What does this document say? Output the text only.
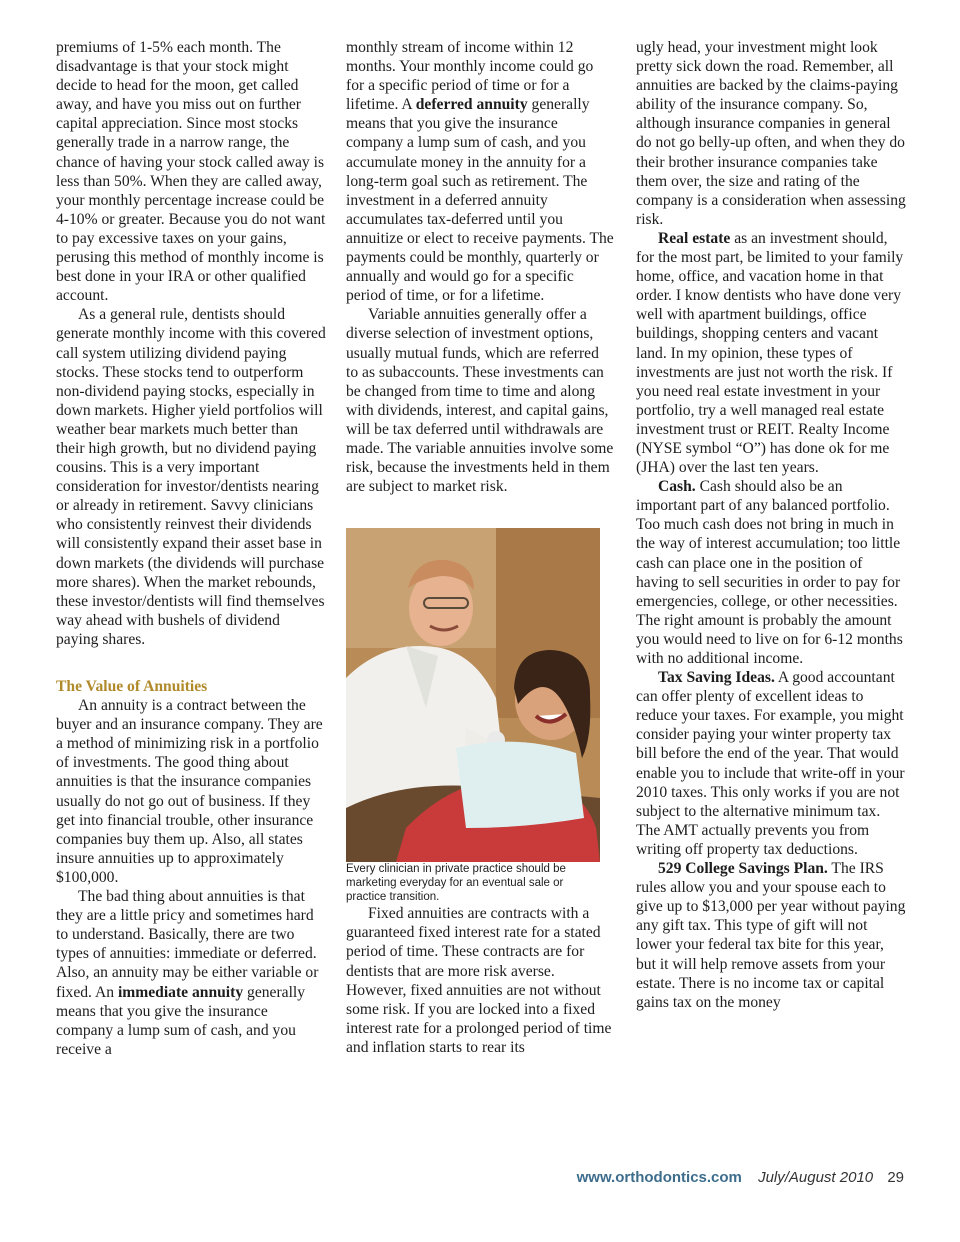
premiums of 1-5% each month. The disadvantage is that your stock might decide to head for the moon, get called away, and have you miss out on further capital appreciation. Since most stocks generally trade in a narrow range, the chance of having your stock called away is less than 50%. When they are called away, your monthly percentage increase could be 4-10% or greater. Because you do not want to pay excessive taxes on your gains, perusing this method of monthly income is best done in your IRA or other qualified account.

As a general rule, dentists should generate monthly income with this covered call system utilizing dividend paying stocks. These stocks tend to outperform non-dividend paying stocks, especially in down markets. Higher yield portfolios will weather bear markets much better than their high growth, but no dividend paying cousins. This is a very important consideration for investor/dentists nearing or already in retirement. Savvy clinicians who consistently reinvest their dividends will consistently expand their asset base in down markets (the dividends will purchase more shares). When the market rebounds, these investor/dentists will find themselves way ahead with bushels of dividend paying shares.

The Value of Annuities

An annuity is a contract between the buyer and an insurance company. They are a method of minimizing risk in a portfolio of investments. The good thing about annuities is that the insurance companies usually do not go out of business. If they get into financial trouble, other insurance companies buy them up. Also, all states insure annuities up to approximately $100,000.

The bad thing about annuities is that they are a little pricy and sometimes hard to understand. Basically, there are two types of annuities: immediate or deferred. Also, an annuity may be either variable or fixed. An immediate annuity generally means that you give the insurance company a lump sum of cash, and you receive a

monthly stream of income within 12 months. Your monthly income could go for a specific period of time or for a lifetime. A deferred annuity generally means that you give the insurance company a lump sum of cash, and you accumulate money in the annuity for a long-term goal such as retirement. The investment in a deferred annuity accumulates tax-deferred until you annuitize or elect to receive payments. The payments could be monthly, quarterly or annually and would go for a specific period of time, or for a lifetime.

Variable annuities generally offer a diverse selection of investment options, usually mutual funds, which are referred to as subaccounts. These investments can be changed from time to time and along with dividends, interest, and capital gains, will be tax deferred until withdrawals are made. The variable annuities involve some risk, because the investments held in them are subject to market risk.

Every clinician in private practice should be marketing everyday for an eventual sale or practice transition.

Fixed annuities are contracts with a guaranteed fixed interest rate for a stated period of time. These contracts are for dentists that are more risk averse. However, fixed annuities are not without some risk. If you are locked into a fixed interest rate for a prolonged period of time and inflation starts to rear its

ugly head, your investment might look pretty sick down the road. Remember, all annuities are backed by the claims-paying ability of the insurance company. So, although insurance companies in general do not go belly-up often, and when they do their brother insurance companies take them over, the size and rating of the company is a consideration when assessing risk.

Real estate as an investment should, for the most part, be limited to your family home, office, and vacation home in that order. I know dentists who have done very well with apartment buildings, office buildings, shopping centers and vacant land. In my opinion, these types of investments are just not worth the risk. If you need real estate investment in your portfolio, try a well managed real estate investment trust or REIT. Realty Income (NYSE symbol “O”) has done ok for me (JHA) over the last ten years.

Cash. Cash should also be an important part of any balanced portfolio. Too much cash does not bring in much in the way of interest accumulation; too little cash can place one in the position of having to sell securities in order to pay for emergencies, college, or other necessities. The right amount is probably the amount you would need to live on for 6-12 months with no additional income.

Tax Saving Ideas. A good accountant can offer plenty of excellent ideas to reduce your taxes. For example, you might consider paying your winter property tax bill before the end of the year. That would enable you to include that write-off in your 2010 taxes. This only works if you are not subject to the alternative minimum tax. The AMT actually prevents you from writing off property tax deductions.

529 College Savings Plan. The IRS rules allow you and your spouse each to give up to $13,000 per year without paying any gift tax. This type of gift will not lower your federal tax bite for this year, but it will help remove assets from your estate. There is no income tax or capital gains tax on the money

www.orthodontics.com July/August 2010 29
